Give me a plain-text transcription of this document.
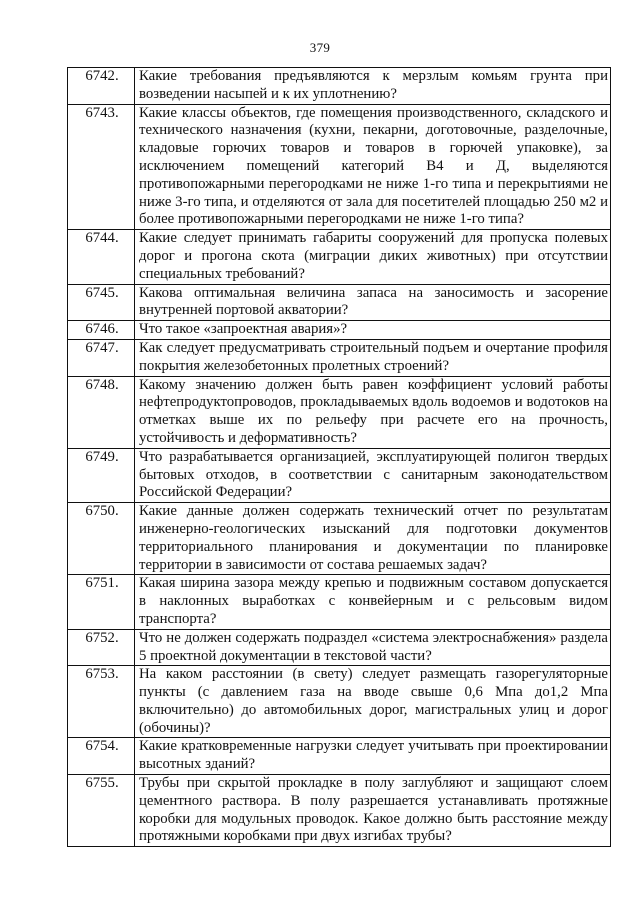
379
6742.	Какие требования предъявляются к мерзлым комьям грунта при возведении насыпей и к их уплотнению?
6743.	Какие классы объектов, где помещения производственного, складского и технического назначения (кухни, пекарни, доготовочные, разделочные, кладовые горючих товаров и товаров в горючей упаковке), за исключением помещений категорий В4 и Д, выделяются противопожарными перегородками не ниже 1-го типа и перекрытиями не ниже 3-го типа, и отделяются от зала для посетителей площадью 250 м2 и более противопожарными перегородками не ниже 1-го типа?
6744.	Какие следует принимать габариты сооружений для пропуска полевых дорог и прогона скота (миграции диких животных) при отсутствии специальных требований?
6745.	Какова оптимальная величина запаса на заносимость и засорение внутренней портовой акватории?
6746.	Что такое «запроектная авария»?
6747.	Как следует предусматривать строительный подъем и очертание профиля покрытия железобетонных пролетных строений?
6748.	Какому значению должен быть равен коэффициент условий работы нефтепродуктопроводов, прокладываемых вдоль водоемов и водотоков на отметках выше их по рельефу при расчете его на прочность, устойчивость и деформативность?
6749.	Что разрабатывается организацией, эксплуатирующей полигон твердых бытовых отходов, в соответствии с санитарным законодательством Российской Федерации?
6750.	Какие данные должен содержать технический отчет по результатам инженерно-геологических изысканий для подготовки документов территориального планирования и документации по планировке территории в зависимости от состава решаемых задач?
6751.	Какая ширина зазора между крепью и подвижным составом допускается в наклонных выработках с конвейерным и с рельсовым видом транспорта?
6752.	Что не должен содержать подраздел «система электроснабжения» раздела 5 проектной документации в текстовой части?
6753.	На каком расстоянии (в свету) следует размещать газорегуляторные пункты (с давлением газа на вводе свыше 0,6 Мпа до1,2 Мпа включительно) до автомобильных дорог, магистральных улиц и дорог (обочины)?
6754.	Какие кратковременные нагрузки следует учитывать при проектировании высотных зданий?
6755.	Трубы при скрытой прокладке в полу заглубляют и защищают слоем цементного раствора. В полу разрешается устанавливать протяжные коробки для модульных проводок. Какое должно быть расстояние между протяжными коробками при двух изгибах трубы?
